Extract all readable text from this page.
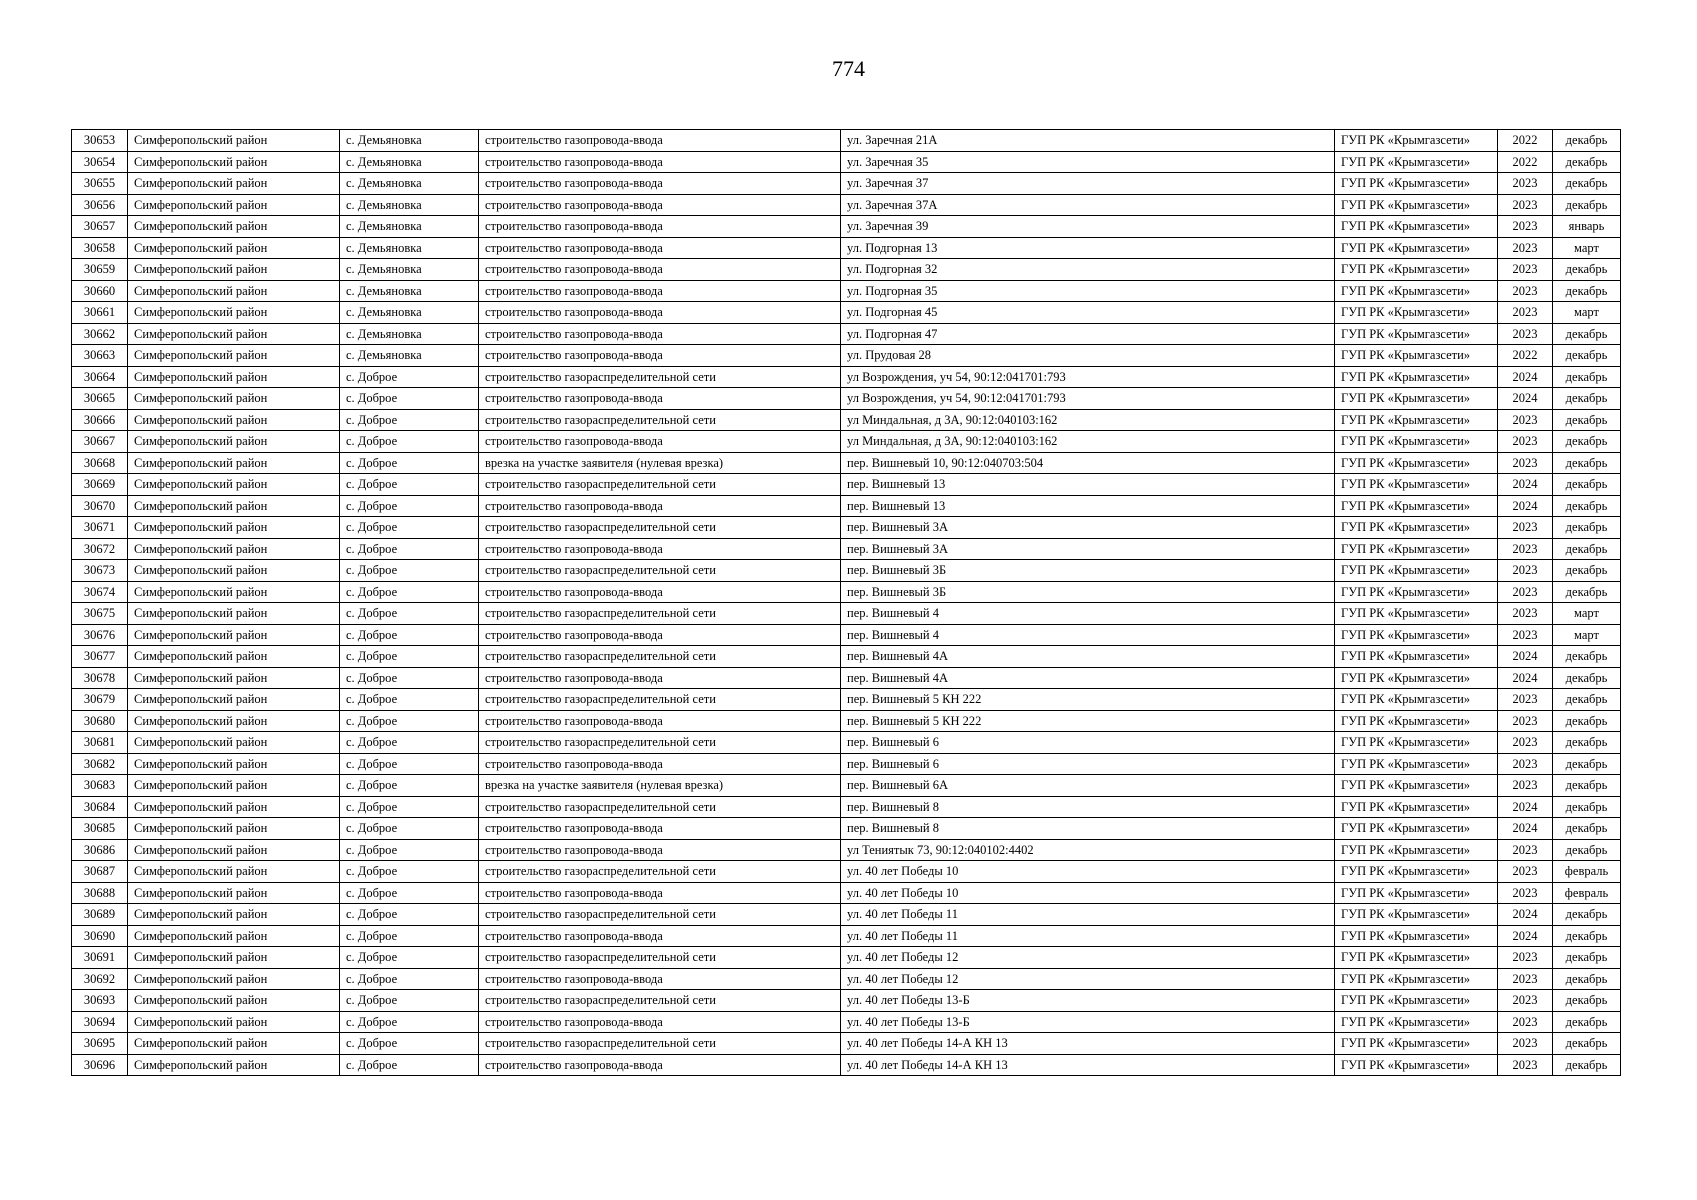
774
30653	Симферопольский район	с. Демьяновка	строительство газопровода-ввода	ул. Заречная 21А	ГУП РК «Крымгазсети»	2022	декабрь
30654	Симферопольский район	с. Демьяновка	строительство газопровода-ввода	ул. Заречная 35	ГУП РК «Крымгазсети»	2022	декабрь
30655	Симферопольский район	с. Демьяновка	строительство газопровода-ввода	ул. Заречная 37	ГУП РК «Крымгазсети»	2023	декабрь
30656	Симферопольский район	с. Демьяновка	строительство газопровода-ввода	ул. Заречная 37А	ГУП РК «Крымгазсети»	2023	декабрь
30657	Симферопольский район	с. Демьяновка	строительство газопровода-ввода	ул. Заречная 39	ГУП РК «Крымгазсети»	2023	январь
30658	Симферопольский район	с. Демьяновка	строительство газопровода-ввода	ул. Подгорная 13	ГУП РК «Крымгазсети»	2023	март
30659	Симферопольский район	с. Демьяновка	строительство газопровода-ввода	ул. Подгорная 32	ГУП РК «Крымгазсети»	2023	декабрь
30660	Симферопольский район	с. Демьяновка	строительство газопровода-ввода	ул. Подгорная 35	ГУП РК «Крымгазсети»	2023	декабрь
30661	Симферопольский район	с. Демьяновка	строительство газопровода-ввода	ул. Подгорная 45	ГУП РК «Крымгазсети»	2023	март
30662	Симферопольский район	с. Демьяновка	строительство газопровода-ввода	ул. Подгорная 47	ГУП РК «Крымгазсети»	2023	декабрь
30663	Симферопольский район	с. Демьяновка	строительство газопровода-ввода	ул. Прудовая 28	ГУП РК «Крымгазсети»	2022	декабрь
30664	Симферопольский район	с. Доброе	строительство газораспределительной сети	ул Возрождения, уч 54, 90:12:041701:793	ГУП РК «Крымгазсети»	2024	декабрь
30665	Симферопольский район	с. Доброе	строительство газопровода-ввода	ул Возрождения, уч 54, 90:12:041701:793	ГУП РК «Крымгазсети»	2024	декабрь
30666	Симферопольский район	с. Доброе	строительство газораспределительной сети	ул Миндальная, д 3А, 90:12:040103:162	ГУП РК «Крымгазсети»	2023	декабрь
30667	Симферопольский район	с. Доброе	строительство газопровода-ввода	ул Миндальная, д 3А, 90:12:040103:162	ГУП РК «Крымгазсети»	2023	декабрь
30668	Симферопольский район	с. Доброе	врезка на участке заявителя (нулевая врезка)	пер. Вишневый 10, 90:12:040703:504	ГУП РК «Крымгазсети»	2023	декабрь
30669	Симферопольский район	с. Доброе	строительство газораспределительной сети	пер. Вишневый 13	ГУП РК «Крымгазсети»	2024	декабрь
30670	Симферопольский район	с. Доброе	строительство газопровода-ввода	пер. Вишневый 13	ГУП РК «Крымгазсети»	2024	декабрь
30671	Симферопольский район	с. Доброе	строительство газораспределительной сети	пер. Вишневый 3А	ГУП РК «Крымгазсети»	2023	декабрь
30672	Симферопольский район	с. Доброе	строительство газопровода-ввода	пер. Вишневый 3А	ГУП РК «Крымгазсети»	2023	декабрь
30673	Симферопольский район	с. Доброе	строительство газораспределительной сети	пер. Вишневый 3Б	ГУП РК «Крымгазсети»	2023	декабрь
30674	Симферопольский район	с. Доброе	строительство газопровода-ввода	пер. Вишневый 3Б	ГУП РК «Крымгазсети»	2023	декабрь
30675	Симферопольский район	с. Доброе	строительство газораспределительной сети	пер. Вишневый 4	ГУП РК «Крымгазсети»	2023	март
30676	Симферопольский район	с. Доброе	строительство газопровода-ввода	пер. Вишневый 4	ГУП РК «Крымгазсети»	2023	март
30677	Симферопольский район	с. Доброе	строительство газораспределительной сети	пер. Вишневый 4А	ГУП РК «Крымгазсети»	2024	декабрь
30678	Симферопольский район	с. Доброе	строительство газопровода-ввода	пер. Вишневый 4А	ГУП РК «Крымгазсети»	2024	декабрь
30679	Симферопольский район	с. Доброе	строительство газораспределительной сети	пер. Вишневый 5 КН 222	ГУП РК «Крымгазсети»	2023	декабрь
30680	Симферопольский район	с. Доброе	строительство газопровода-ввода	пер. Вишневый 5 КН 222	ГУП РК «Крымгазсети»	2023	декабрь
30681	Симферопольский район	с. Доброе	строительство газораспределительной сети	пер. Вишневый 6	ГУП РК «Крымгазсети»	2023	декабрь
30682	Симферопольский район	с. Доброе	строительство газопровода-ввода	пер. Вишневый 6	ГУП РК «Крымгазсети»	2023	декабрь
30683	Симферопольский район	с. Доброе	врезка на участке заявителя (нулевая врезка)	пер. Вишневый 6А	ГУП РК «Крымгазсети»	2023	декабрь
30684	Симферопольский район	с. Доброе	строительство газораспределительной сети	пер. Вишневый 8	ГУП РК «Крымгазсети»	2024	декабрь
30685	Симферопольский район	с. Доброе	строительство газопровода-ввода	пер. Вишневый 8	ГУП РК «Крымгазсети»	2024	декабрь
30686	Симферопольский район	с. Доброе	строительство газопровода-ввода	ул Тениятык 73, 90:12:040102:4402	ГУП РК «Крымгазсети»	2023	декабрь
30687	Симферопольский район	с. Доброе	строительство газораспределительной сети	ул. 40 лет Победы 10	ГУП РК «Крымгазсети»	2023	февраль
30688	Симферопольский район	с. Доброе	строительство газопровода-ввода	ул. 40 лет Победы 10	ГУП РК «Крымгазсети»	2023	февраль
30689	Симферопольский район	с. Доброе	строительство газораспределительной сети	ул. 40 лет Победы 11	ГУП РК «Крымгазсети»	2024	декабрь
30690	Симферопольский район	с. Доброе	строительство газопровода-ввода	ул. 40 лет Победы 11	ГУП РК «Крымгазсети»	2024	декабрь
30691	Симферопольский район	с. Доброе	строительство газораспределительной сети	ул. 40 лет Победы 12	ГУП РК «Крымгазсети»	2023	декабрь
30692	Симферопольский район	с. Доброе	строительство газопровода-ввода	ул. 40 лет Победы 12	ГУП РК «Крымгазсети»	2023	декабрь
30693	Симферопольский район	с. Доброе	строительство газораспределительной сети	ул. 40 лет Победы 13-Б	ГУП РК «Крымгазсети»	2023	декабрь
30694	Симферопольский район	с. Доброе	строительство газопровода-ввода	ул. 40 лет Победы 13-Б	ГУП РК «Крымгазсети»	2023	декабрь
30695	Симферопольский район	с. Доброе	строительство газораспределительной сети	ул. 40 лет Победы 14-А КН 13	ГУП РК «Крымгазсети»	2023	декабрь
30696	Симферопольский район	с. Доброе	строительство газопровода-ввода	ул. 40 лет Победы 14-А КН 13	ГУП РК «Крымгазсети»	2023	декабрь
